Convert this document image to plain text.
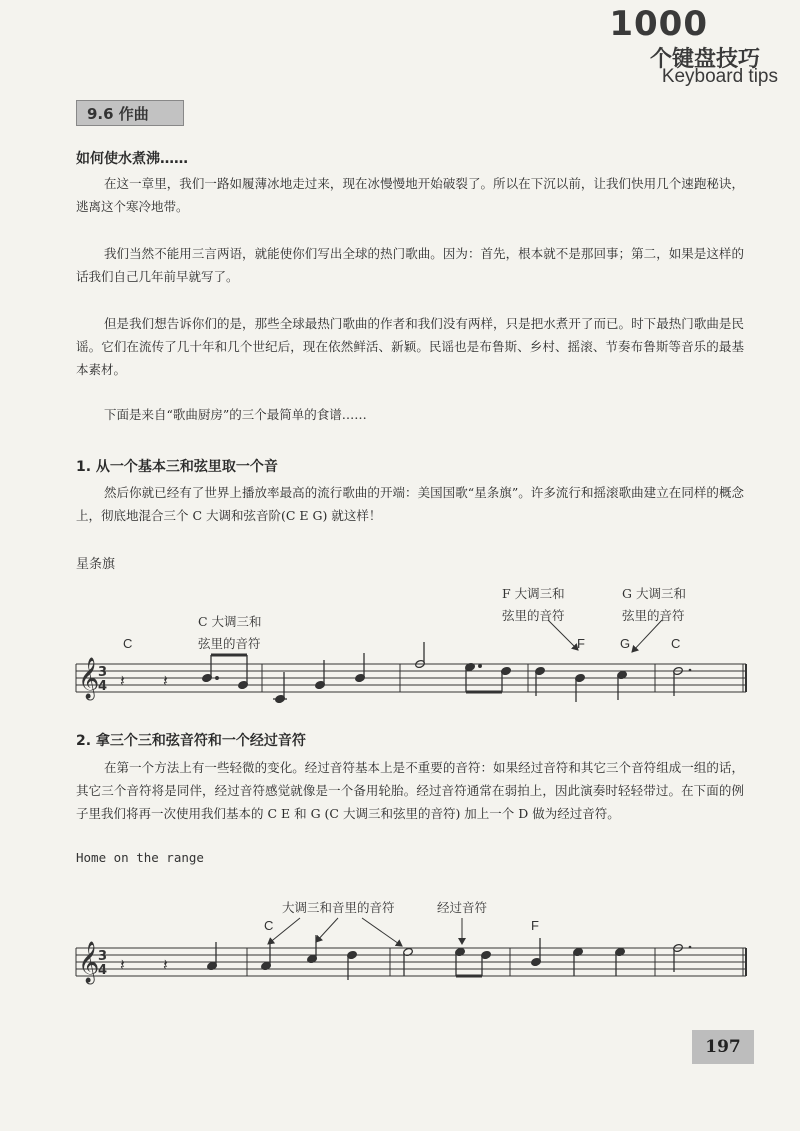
1000
个键盘技巧
Keyboard tips
9.6 作曲
如何使水煮沸……
在这一章里，我们一路如履薄冰地走过来，现在冰慢慢地开始破裂了。所以在下沉以前，让我们快用几个速跑秘诀，逃离这个寒冷地带。
我们当然不能用三言两语，就能使你们写出全球的热门歌曲。因为：首先，根本就不是那回事；第二，如果是这样的话我们自己几年前早就写了。
但是我们想告诉你们的是，那些全球最热门歌曲的作者和我们没有两样，只是把水煮开了而已。时下最热门歌曲是民谣。它们在流传了几十年和几个世纪后，现在依然鲜活、新颖。民谣也是布鲁斯、乡村、摇滚、节奏布鲁斯等音乐的最基本素材。
下面是来自“歌曲厨房”的三个最简单的食谱……
1. 从一个基本三和弦里取一个音
然后你就已经有了世界上播放率最高的流行歌曲的开端：美国国歌“星条旗”。许多流行和摇滚歌曲建立在同样的概念上，彻底地混合三个 C 大调和弦音阶(C E G) 就这样！
星条旗
C 大调三和
弦里的音符
F 大调三和
弦里的音符
G 大调三和
弦里的音符
C	F	G	C
𝄞
3
4 𝄽 𝄽
2. 拿三个三和弦音符和一个经过音符
在第一个方法上有一些轻微的变化。经过音符基本上是不重要的音符：如果经过音符和其它三个音符组成一组的话，其它三个音符将是同伴，经过音符感觉就像是一个备用轮胎。经过音符通常在弱拍上，因此演奏时轻轻带过。在下面的例子里我们将再一次使用我们基本的 C E 和 G (C 大调三和弦里的音符) 加上一个 D 做为经过音符。
Home on the range
大调三和音里的音符	经过音符
C	F
𝄞
3
4 𝄽 𝄽
197
